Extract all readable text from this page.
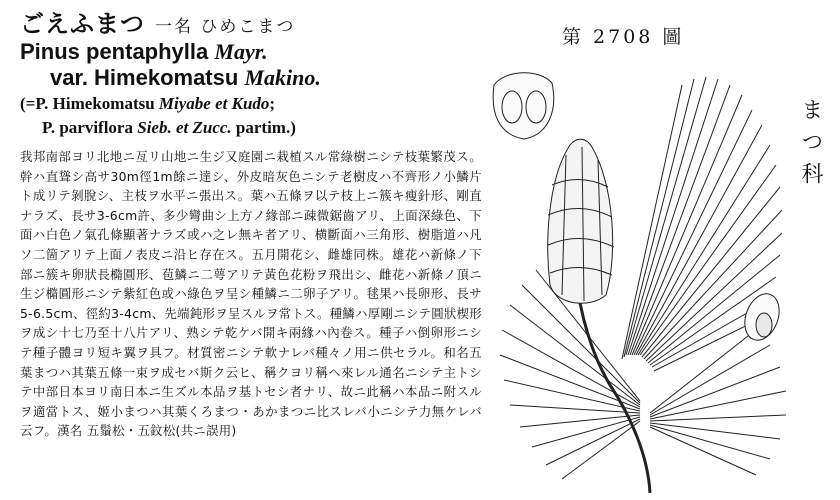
ごえふまつ 一名 ひめこまつ
Pinus pentaphylla Mayr.
var. Himekomatsu Makino.
(=P. Himekomatsu Miyabe et Kudo;
P. parviflora Sieb. et Zucc. partim.)
我邦南部ヨリ北地ニ亙リ山地ニ生ジ又庭園ニ栽植スル常綠樹ニシテ枝葉繁茂ス。幹ハ直聳シ高サ30m徑1m餘ニ達シ、外皮暗灰色ニシテ老樹皮ハ不齊形ノ小鱗片ト成リテ剝脫シ、主枝ヲ水平ニ張出ス。葉ハ五條ヲ以テ枝上ニ簇キ瘦針形、剛直ナラズ、長サ3-6cm許、多少彎曲シ上方ノ緣部ニ疎微鋸齒アリ、上面深綠色、下面ハ白色ノ氣孔條顯著ナラズ或ハ之レ無キ者アリ、横斷面ハ三角形、樹脂道ハ凡ソ二箇アリテ上面ノ表皮ニ沿ヒ存在ス。五月開花シ、雌雄同株。雄花ハ新條ノ下部ニ簇キ卵狀長橢圓形、苞鱗ニ二萼アリテ黃色花粉ヲ飛出シ、雌花ハ新條ノ頂ニ生ジ橢圓形ニシテ紫紅色或ハ綠色ヲ呈シ種鱗ニ二卵子アリ。毬果ハ長卵形、長サ5-6.5cm、徑約3-4cm、先端鈍形ヲ呈スルヲ常トス。種鱗ハ厚剛ニシテ圓狀楔形ヲ成シ十七乃至十八片アリ、熟シテ乾ケバ開キ兩緣ハ內卷ス。種子ハ倒卵形ニシテ種子體ヨリ短キ翼ヲ具フ。材質密ニシテ軟ナレバ種々ノ用ニ供セラル。和名五葉まつハ其葉五條一束ヲ成セバ斯ク云ヒ、稱クヨリ稱ヘ來レル通名ニシテ主トシテ中部日本ヨリ南日本ニ生ズル本品ヲ基トセシ者ナリ、故ニ此稱ハ本品ニ附スルヲ適當トス、姬小まつハ其葉くろまつ・あかまつニ比スレバ小ニシテ力無ケレバ云フ。漢名 五鬚松・五鈫松(共ニ誤用)
第 2708 圖
まつ科
